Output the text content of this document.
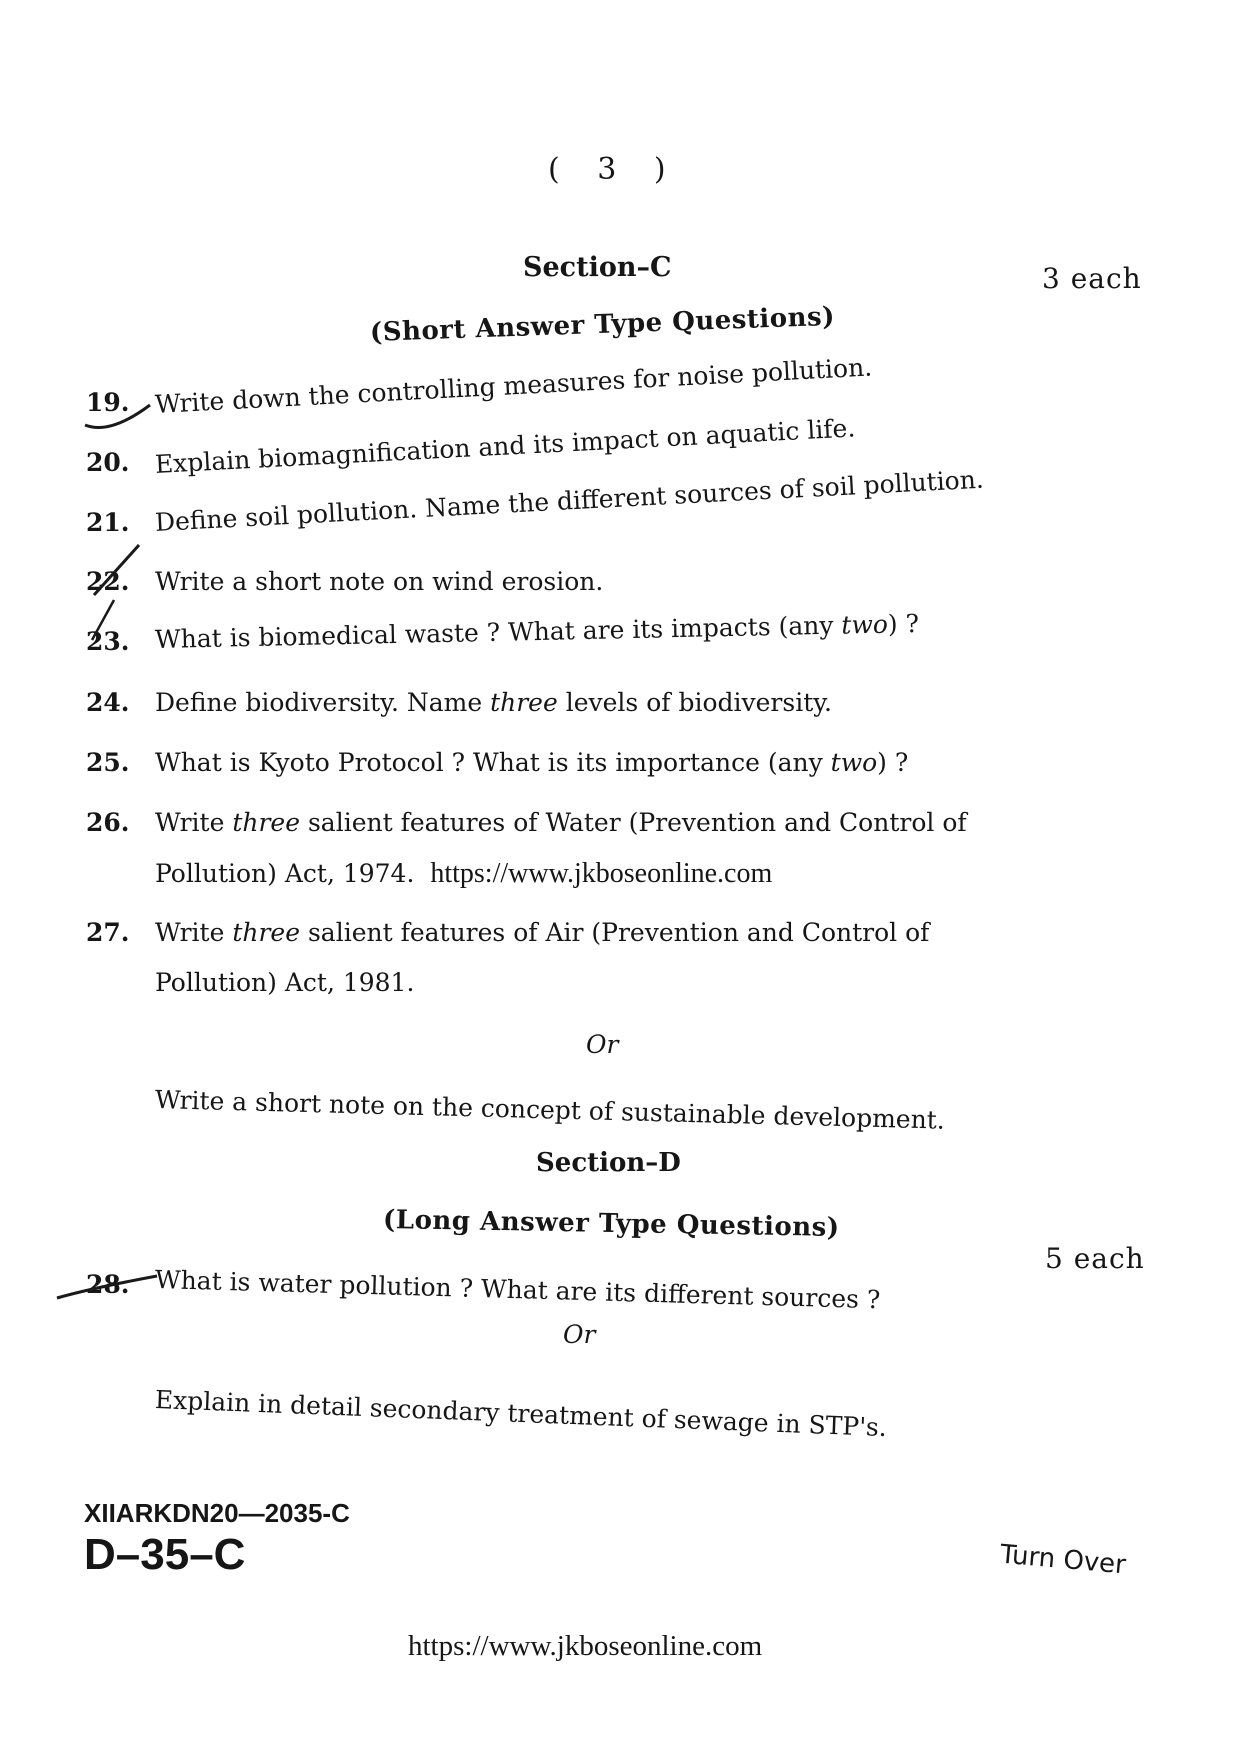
( 3 )
Section–C	3 each
(Short Answer Type Questions)
19. Write down the controlling measures for noise pollution.
20. Explain biomagnification and its impact on aquatic life.
21. Define soil pollution. Name the different sources of soil pollution.
22. Write a short note on wind erosion.
23. What is biomedical waste ? What are its impacts (any two) ?
24. Define biodiversity. Name three levels of biodiversity.
25. What is Kyoto Protocol ? What is its importance (any two) ?
26. Write three salient features of Water (Prevention and Control of
Pollution) Act, 1974. https://www.jkboseonline.com
27. Write three salient features of Air (Prevention and Control of
Pollution) Act, 1981.
Or
Write a short note on the concept of sustainable development.
Section–D
(Long Answer Type Questions)
5 each
28. What is water pollution ? What are its different sources ?
Or
Explain in detail secondary treatment of sewage in STP's.
XIIARKDN20—2035-C
D–35–C	Turn Over
https://www.jkboseonline.com
